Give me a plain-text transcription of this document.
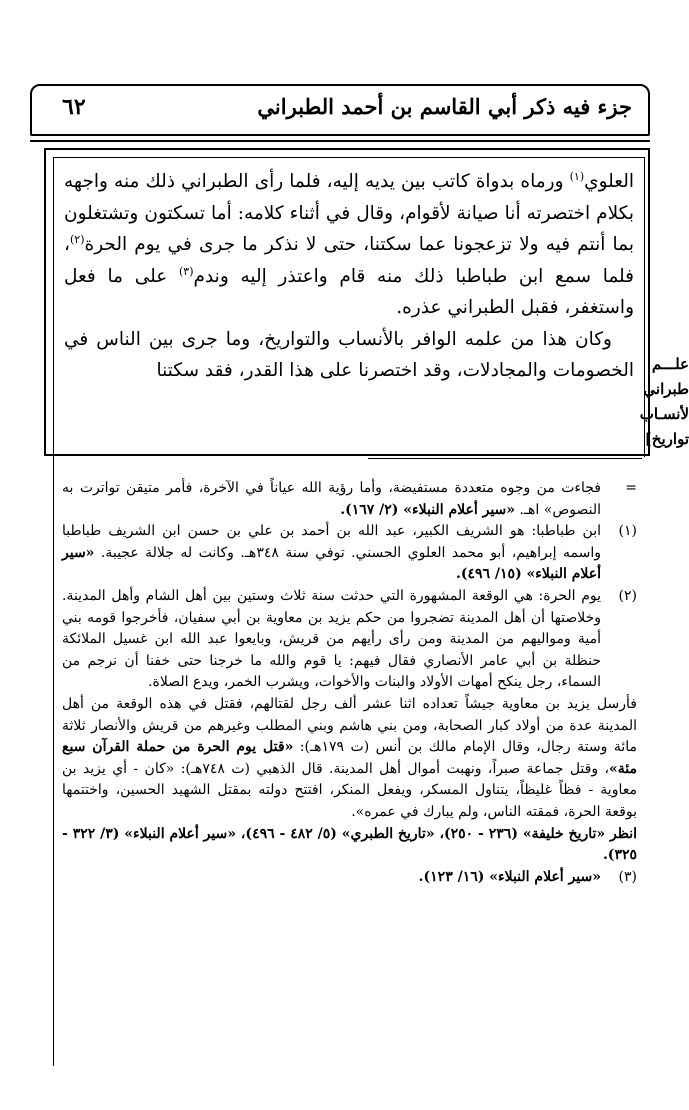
٦٢	جزء فيه ذكر أبي القاسم بن أحمد الطبراني

العلوي$^{(١)}$ ورماه بدواة كاتب بين يديه إليه، فلما رأى الطبراني ذلك منه واجهه بكلام اختصرته أنا صيانة لأقوام، وقال في أثناء كلامه: أما تسكتون وتشتغلون بما أنتم فيه ولا تزعجونا عما سكتنا، حتى لا نذكر ما جرى في يوم الحرة$^{(٢)}$، فلما سمع ابن طباطبا ذلك منه قام واعتذر إليه وندم$^{(٣)}$ على ما فعل واستغفر، فقبل الطبراني عذره.

وكان هذا من علمه الوافر بالأنساب والتواريخ، وما جرى بين الناس في الخصومات والمجادلات، وقد اختصرنا على هذا القدر، فقد سكتنا علـــم
طبراني
لأنسـاب
تواريخ]
=

فجاءت من وجوه متعددة مستفيضة، وأما رؤية الله عياناً في الآخرة، فأمر متيقن تواترت به النصوص» اهـ. «سير أعلام النبلاء» (٢/ ١٦٧).

(١)

ابن طباطبا: هو الشريف الكبير، عبد الله بن أحمد بن علي بن حسن ابن الشريف طباطبا واسمه إبراهيم، أبو محمد العلوي الحسني. توفي سنة ٣٤٨هـ. وكانت له جلالة عجيبة. «سير أعلام النبلاء» (١٥/ ٤٩٦).

(٢)

يوم الحرة: هي الوقعة المشهورة التي حدثت سنة ثلاث وستين بين أهل الشام وأهل المدينة. وخلاصتها أن أهل المدينة تضجروا من حكم يزيد بن معاوية بن أبي سفيان، فأخرجوا قومه بني أمية ومواليهم من المدينة ومن رأى رأيهم من قريش، وبايعوا عبد الله ابن غسيل الملائكة حنظلة بن أبي عامر الأنصاري فقال فيهم: يا قوم والله ما خرجنا حتى خفنا أن نرجم من السماء، رجل ينكح أمهات الأولاد والبنات والأخوات، ويشرب الخمر، ويدع الصلاة.

فأرسل يزيد بن معاوية جيشاً تعداده اثنا عشر ألف رجل لقتالهم، فقتل في هذه الوقعة من أهل المدينة عدة من أولاد كبار الصحابة، ومن بني هاشم وبني المطلب وغيرهم من قريش والأنصار ثلاثة مائة وستة رجال، وقال الإمام مالك بن أنس (ت ١٧٩هـ): «قتل يوم الحرة من حملة القرآن سبع مئة»، وقتل جماعة صبراً، ونهبت أموال أهل المدينة. قال الذهبي (ت ٧٤٨هـ): «كان - أي يزيد بن معاوية - فظاً غليظاً، يتناول المسكر، ويفعل المنكر، افتتح دولته بمقتل الشهيد الحسين، واختتمها بوقعة الحرة، فمقته الناس، ولم يبارك في عمره».

انظر «تاريخ خليفة» (٢٣٦ - ٢٥٠)، «تاريخ الطبري» (٥/ ٤٨٢ - ٤٩٦)، «سير أعلام النبلاء» (٣/ ٣٢٢ - ٣٢٥).

(٣)

«سير أعلام النبلاء» (١٦/ ١٢٣).
